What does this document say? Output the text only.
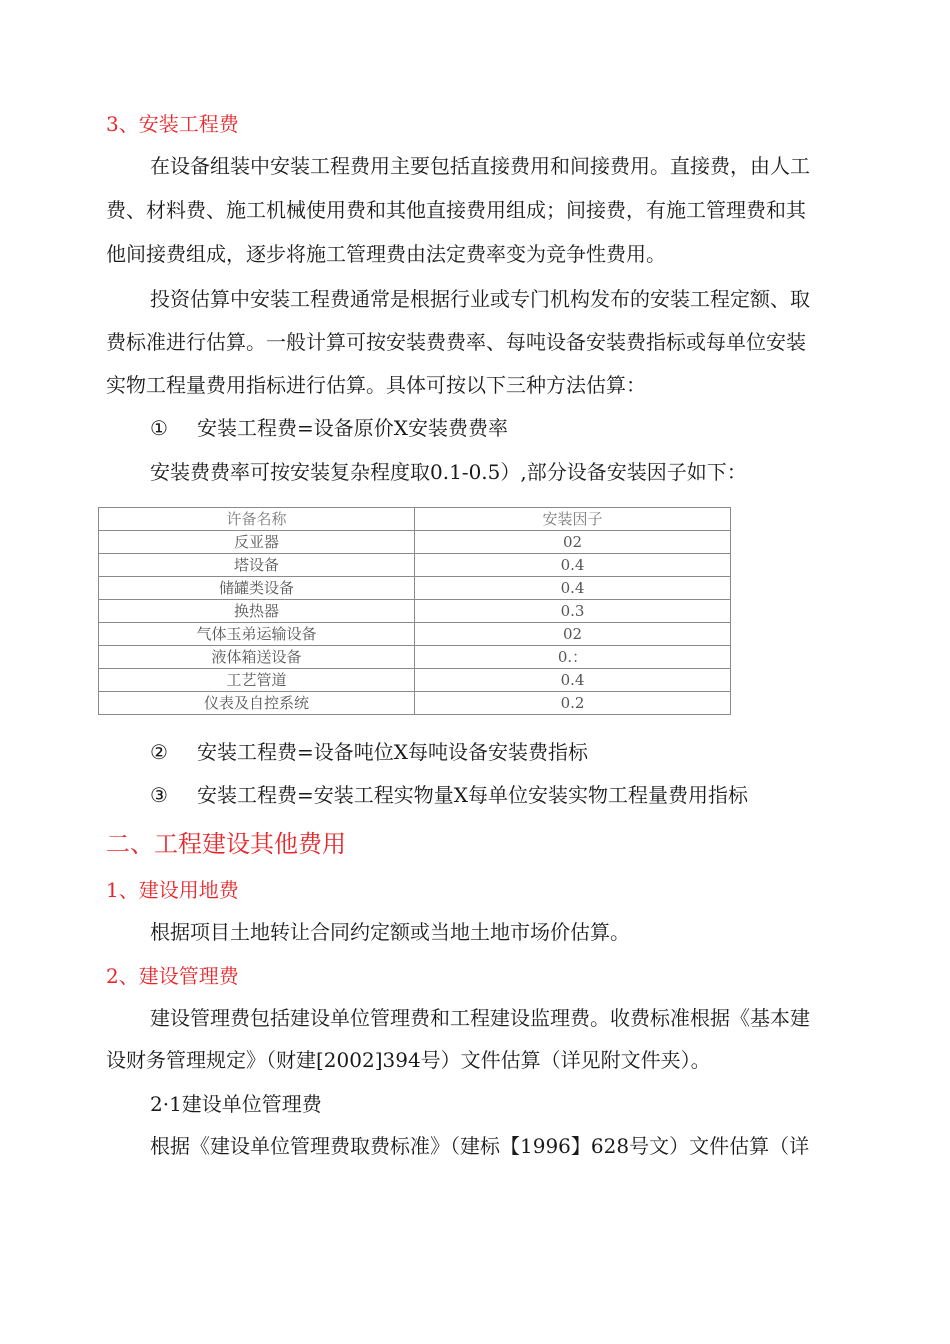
3、安装工程费
在设备组装中安装工程费用主要包括直接费用和间接费用。直接费，由人工
费、材料费、施工机械使用费和其他直接费用组成；间接费，有施工管理费和其
他间接费组成，逐步将施工管理费由法定费率变为竞争性费用。
投资估算中安装工程费通常是根据行业或专门机构发布的安装工程定额、取
费标准进行估算。一般计算可按安装费费率、每吨设备安装费指标或每单位安装
实物工程量费用指标进行估算。具体可按以下三种方法估算：
① 安装工程费=设备原价X安装费费率
安装费费率可按安装复杂程度取0.1-0.5）,部分设备安装因子如下：
许备名称	安装因子
反亚器	02
塔设备	0.4
储罐类设备	0.4
换热器	0.3
气体玉弟运输设备	02
液体箱送设备	0.：
工艺管道	0.4
仪表及自控系统	0.2
② 安装工程费=设备吨位X每吨设备安装费指标
③ 安装工程费=安装工程实物量X每单位安装实物工程量费用指标
二、工程建设其他费用
1、建设用地费
根据项目土地转让合同约定额或当地土地市场价估算。
2、建设管理费
建设管理费包括建设单位管理费和工程建设监理费。收费标准根据《基本建
设财务管理规定》（财建[2002]394号）文件估算（详见附文件夹）。
2·1建设单位管理费
根据《建设单位管理费取费标准》（建标【1996】628号文）文件估算（详
